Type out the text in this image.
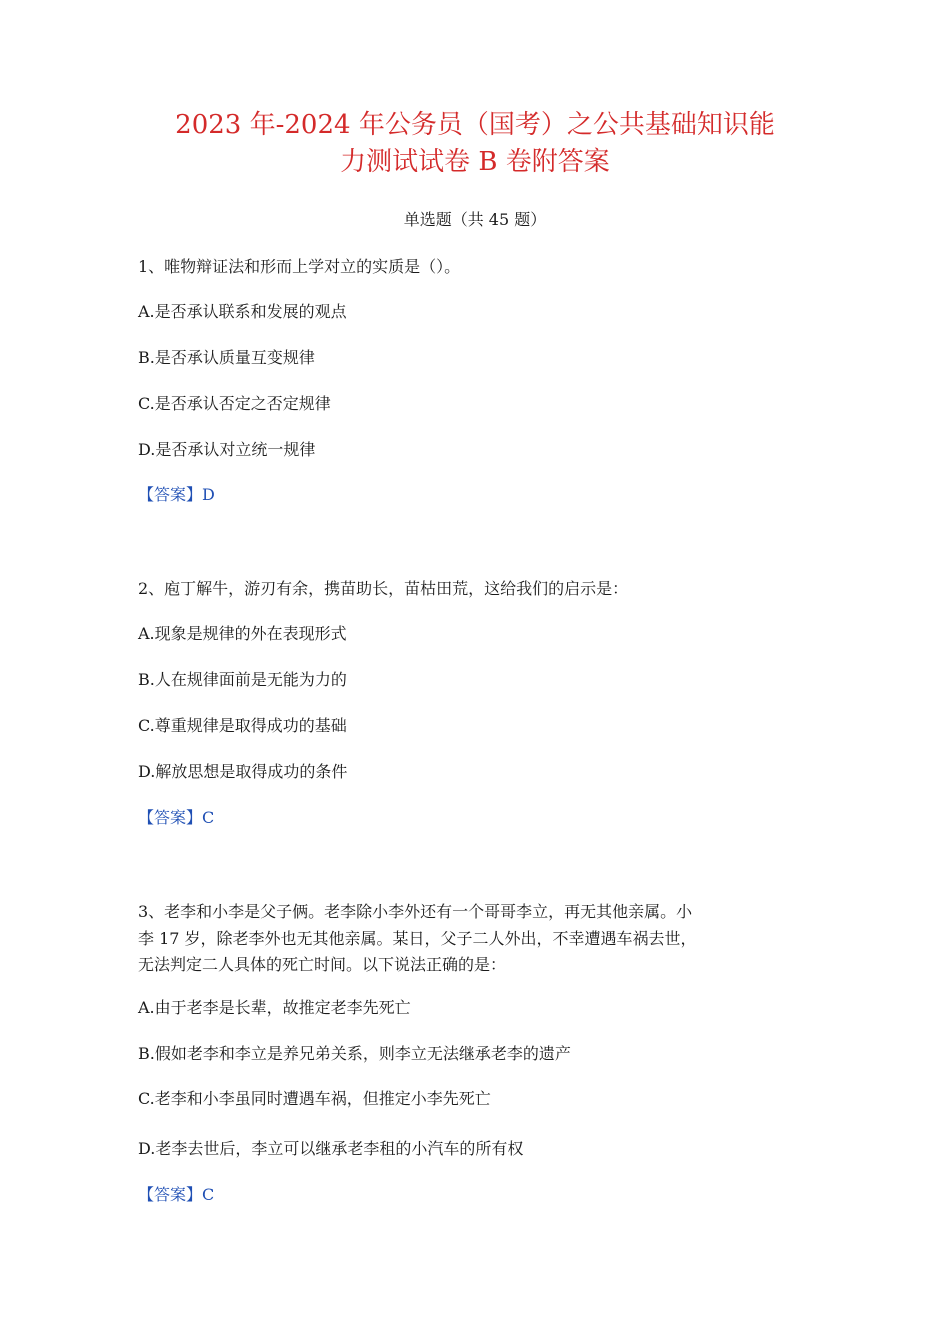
2023 年-2024 年公务员（国考）之公共基础知识能
力测试试卷 B 卷附答案
单选题（共 45 题）
1、唯物辩证法和形而上学对立的实质是（）。
A.是否承认联系和发展的观点
B.是否承认质量互变规律
C.是否承认否定之否定规律
D.是否承认对立统一规律
【答案】D
2、庖丁解牛，游刃有余，携苗助长，苗枯田荒，这给我们的启示是：
A.现象是规律的外在表现形式
B.人在规律面前是无能为力的
C.尊重规律是取得成功的基础
D.解放思想是取得成功的条件
【答案】C
3、老李和小李是父子俩。老李除小李外还有一个哥哥李立，再无其他亲属。小
李 17 岁，除老李外也无其他亲属。某日，父子二人外出，不幸遭遇车祸去世，
无法判定二人具体的死亡时间。以下说法正确的是：
A.由于老李是长辈，故推定老李先死亡
B.假如老李和李立是养兄弟关系，则李立无法继承老李的遗产
C.老李和小李虽同时遭遇车祸，但推定小李先死亡
D.老李去世后，李立可以继承老李租的小汽车的所有权
【答案】C
